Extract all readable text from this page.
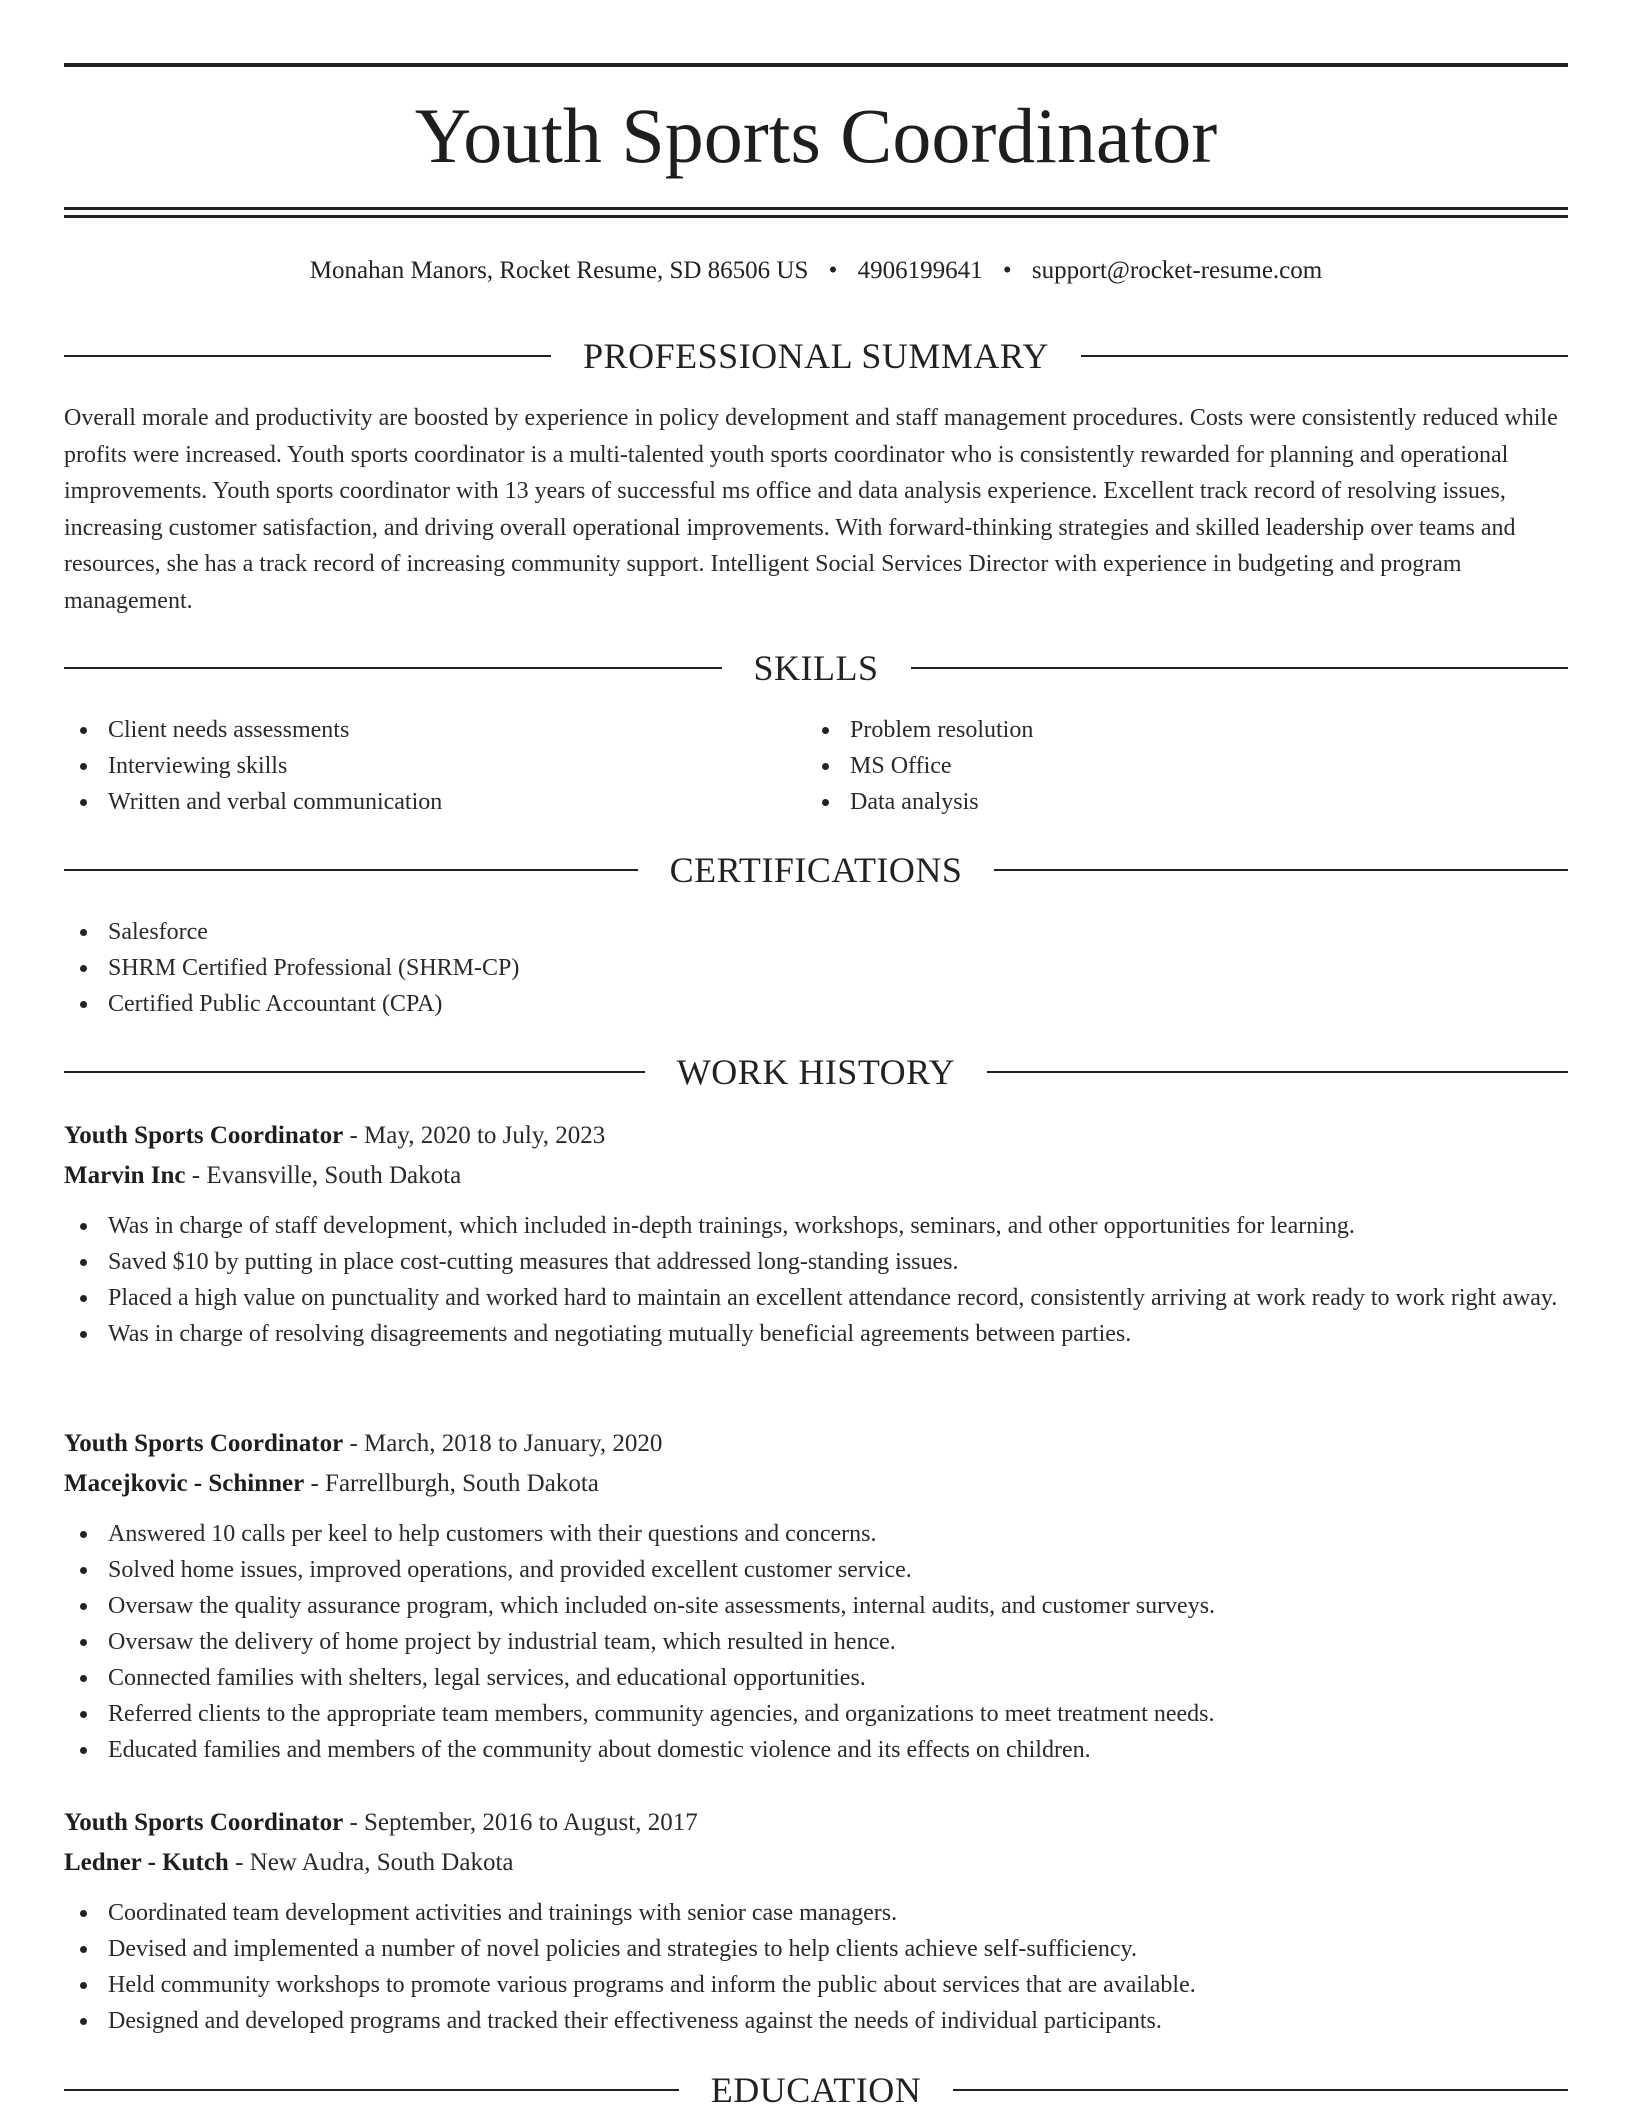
Youth Sports Coordinator
Monahan Manors, Rocket Resume, SD 86506 US • 4906199641 • support@rocket-resume.com
PROFESSIONAL SUMMARY

Overall morale and productivity are boosted by experience in policy development and staff management procedures. Costs were consistently reduced while profits were increased. Youth sports coordinator is a multi-talented youth sports coordinator who is consistently rewarded for planning and operational improvements. Youth sports coordinator with 13 years of successful ms office and data analysis experience. Excellent track record of resolving issues, increasing customer satisfaction, and driving overall operational improvements. With forward-thinking strategies and skilled leadership over teams and resources, she has a track record of increasing community support. Intelligent Social Services Director with experience in budgeting and program management.

SKILLS
Client needs assessments
Interviewing skills
Written and verbal communication
Problem resolution
MS Office
Data analysis
CERTIFICATIONS
Salesforce
SHRM Certified Professional (SHRM-CP)
Certified Public Accountant (CPA)
WORK HISTORY
Youth Sports Coordinator - May, 2020 to July, 2023
Marvin Inc - Evansville, South Dakota
Was in charge of staff development, which included in-depth trainings, workshops, seminars, and other opportunities for learning.
Saved $10 by putting in place cost-cutting measures that addressed long-standing issues.
Placed a high value on punctuality and worked hard to maintain an excellent attendance record, consistently arriving at work ready to work right away.
Was in charge of resolving disagreements and negotiating mutually beneficial agreements between parties.
Youth Sports Coordinator - March, 2018 to January, 2020
Macejkovic - Schinner - Farrellburgh, South Dakota
Answered 10 calls per keel to help customers with their questions and concerns.
Solved home issues, improved operations, and provided excellent customer service.
Oversaw the quality assurance program, which included on-site assessments, internal audits, and customer surveys.
Oversaw the delivery of home project by industrial team, which resulted in hence.
Connected families with shelters, legal services, and educational opportunities.
Referred clients to the appropriate team members, community agencies, and organizations to meet treatment needs.
Educated families and members of the community about domestic violence and its effects on children.
Youth Sports Coordinator - September, 2016 to August, 2017
Ledner - Kutch - New Audra, South Dakota
Coordinated team development activities and trainings with senior case managers.
Devised and implemented a number of novel policies and strategies to help clients achieve self-sufficiency.
Held community workshops to promote various programs and inform the public about services that are available.
Designed and developed programs and tracked their effectiveness against the needs of individual participants.
EDUCATION
